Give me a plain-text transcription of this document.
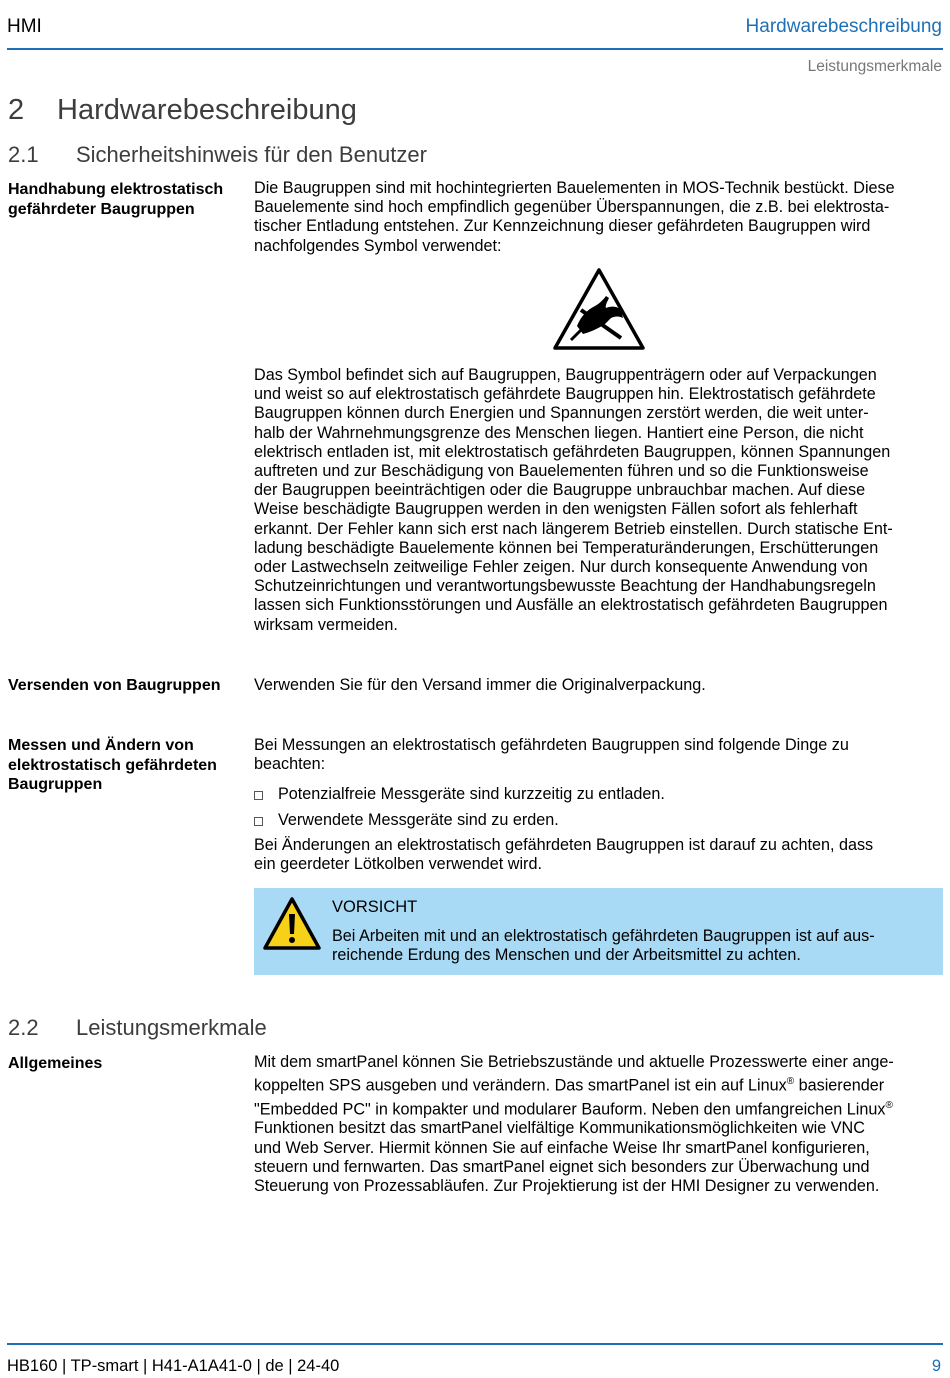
HMI	Hardwarebeschreibung
Leistungsmerkmale
2 Hardwarebeschreibung
2.1 Sicherheitshinweis für den Benutzer
Handhabung elektrostatisch gefährdeter Baugruppen

Die Baugruppen sind mit hochintegrierten Bauelementen in MOS-Technik bestückt. Diese

Bauelemente sind hoch empfindlich gegenüber Überspannungen, die z.B. bei elektrosta-

tischer Entladung entstehen. Zur Kennzeichnung dieser gefährdeten Baugruppen wird

nachfolgendes Symbol verwendet:

Das Symbol befindet sich auf Baugruppen, Baugruppenträgern oder auf Verpackungen

und weist so auf elektrostatisch gefährdete Baugruppen hin. Elektrostatisch gefährdete

Baugruppen können durch Energien und Spannungen zerstört werden, die weit unter-

halb der Wahrnehmungsgrenze des Menschen liegen. Hantiert eine Person, die nicht

elektrisch entladen ist, mit elektrostatisch gefährdeten Baugruppen, können Spannungen

auftreten und zur Beschädigung von Bauelementen führen und so die Funktionsweise

der Baugruppen beeinträchtigen oder die Baugruppe unbrauchbar machen. Auf diese

Weise beschädigte Baugruppen werden in den wenigsten Fällen sofort als fehlerhaft

erkannt. Der Fehler kann sich erst nach längerem Betrieb einstellen. Durch statische Ent-

ladung beschädigte Bauelemente können bei Temperaturänderungen, Erschütterungen

oder Lastwechseln zeitweilige Fehler zeigen. Nur durch konsequente Anwendung von

Schutzeinrichtungen und verantwortungsbewusste Beachtung der Handhabungsregeln

lassen sich Funktionsstörungen und Ausfälle an elektrostatisch gefährdeten Baugruppen

wirksam vermeiden.

Versenden von Baugruppen	Verwenden Sie für den Versand immer die Originalverpackung.
Messen und Ändern von elektrostatisch gefährdeten Baugruppen

Bei Messungen an elektrostatisch gefährdeten Baugruppen sind folgende Dinge zu

beachten:

Potenzialfreie Messgeräte sind kurzzeitig zu entladen.
Verwendete Messgeräte sind zu erden.

Bei Änderungen an elektrostatisch gefährdeten Baugruppen ist darauf zu achten, dass

ein geerdeter Lötkolben verwendet wird.

VORSICHT
Bei Arbeiten mit und an elektrostatisch gefährdeten Baugruppen ist auf aus-
reichende Erdung des Menschen und der Arbeitsmittel zu achten.
2.2 Leistungsmerkmale
Allgemeines	Mit dem smartPanel können Sie Betriebszustände und aktuelle Prozesswerte einer ange-

koppelten SPS ausgeben und verändern. Das smartPanel ist ein auf Linux® basierender

"Embedded PC" in kompakter und modularer Bauform. Neben den umfangreichen Linux®

Funktionen besitzt das smartPanel vielfältige Kommunikationsmöglichkeiten wie VNC

und Web Server. Hiermit können Sie auf einfache Weise Ihr smartPanel konfigurieren,

steuern und fernwarten. Das smartPanel eignet sich besonders zur Überwachung und

Steuerung von Prozessabläufen. Zur Projektierung ist der HMI Designer zu verwenden.

HB160 | TP-smart | H41-A1A41-0 | de | 24-40	9
